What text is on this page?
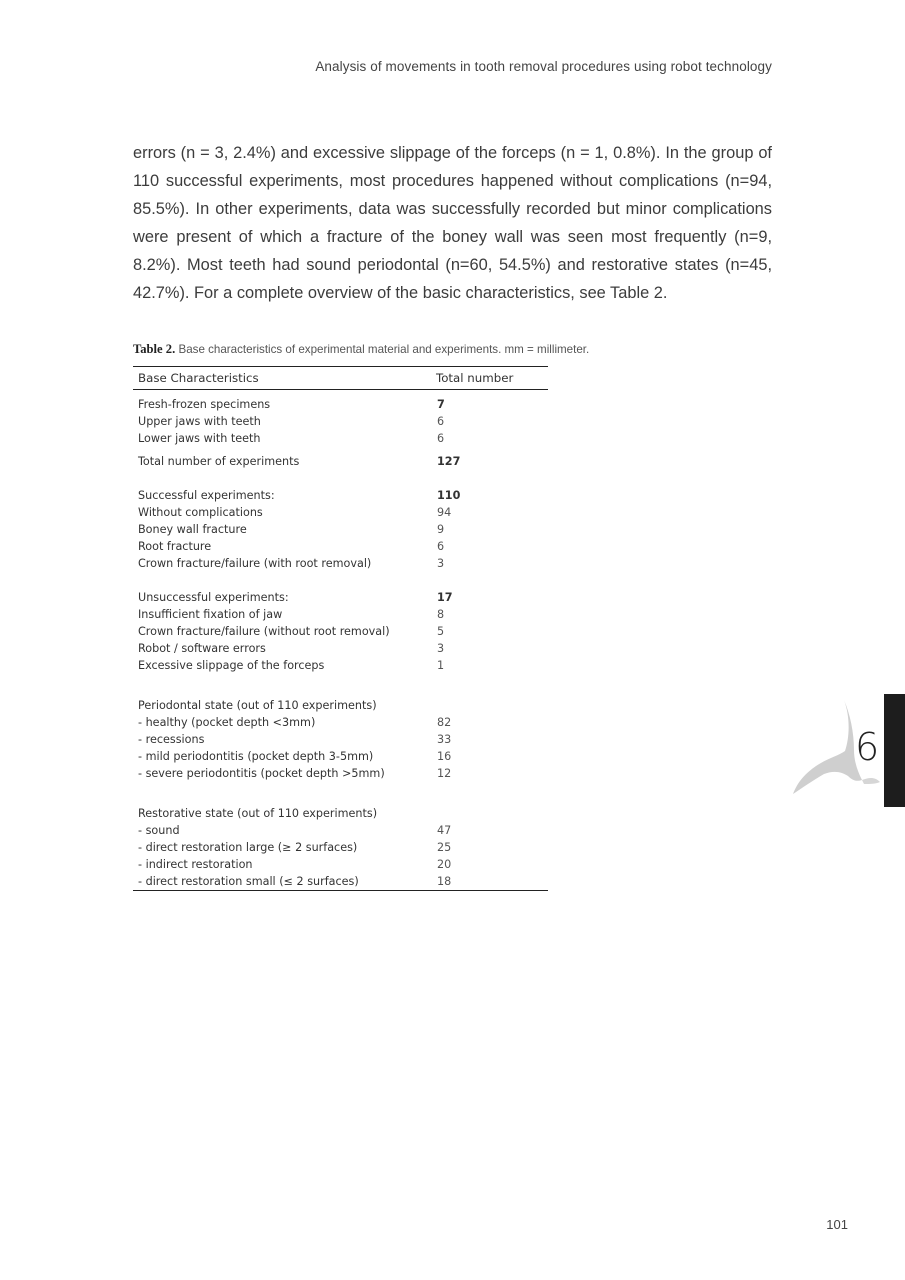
Analysis of movements in tooth removal procedures using robot technology

errors (n = 3, 2.4%) and excessive slippage of the forceps (n = 1, 0.8%). In the group of 110 successful experiments, most procedures happened without complications (n=94, 85.5%). In other experiments, data was successfully recorded but minor complications were present of which a fracture of the boney wall was seen most frequently (n=9, 8.2%). Most teeth had sound periodontal (n=60, 54.5%) and restorative states (n=45, 42.7%). For a complete overview of the basic characteristics, see Table 2.

Table 2. Base characteristics of experimental material and experiments. mm = millimeter.
Base Characteristics	Total number
Fresh-frozen specimens	7
Upper jaws with teeth	6
Lower jaws with teeth	6
Total number of experiments	127
Successful experiments:	110
Without complications	94
Boney wall fracture	9
Root fracture	6
Crown fracture/failure (with root removal)	3
Unsuccessful experiments:	17
Insufficient fixation of jaw	8
Crown fracture/failure (without root removal)	5
Robot / software errors	3
Excessive slippage of the forceps	1
Periodontal state (out of 110 experiments)	
- healthy (pocket depth <3mm)	82
- recessions	33
- mild periodontitis (pocket depth 3-5mm)	16
- severe periodontitis (pocket depth >5mm)	12
Restorative state (out of 110 experiments)	
- sound	47
- direct restoration large (≥ 2 surfaces)	25
- indirect restoration	20
- direct restoration small (≤ 2 surfaces)	18
6
101
